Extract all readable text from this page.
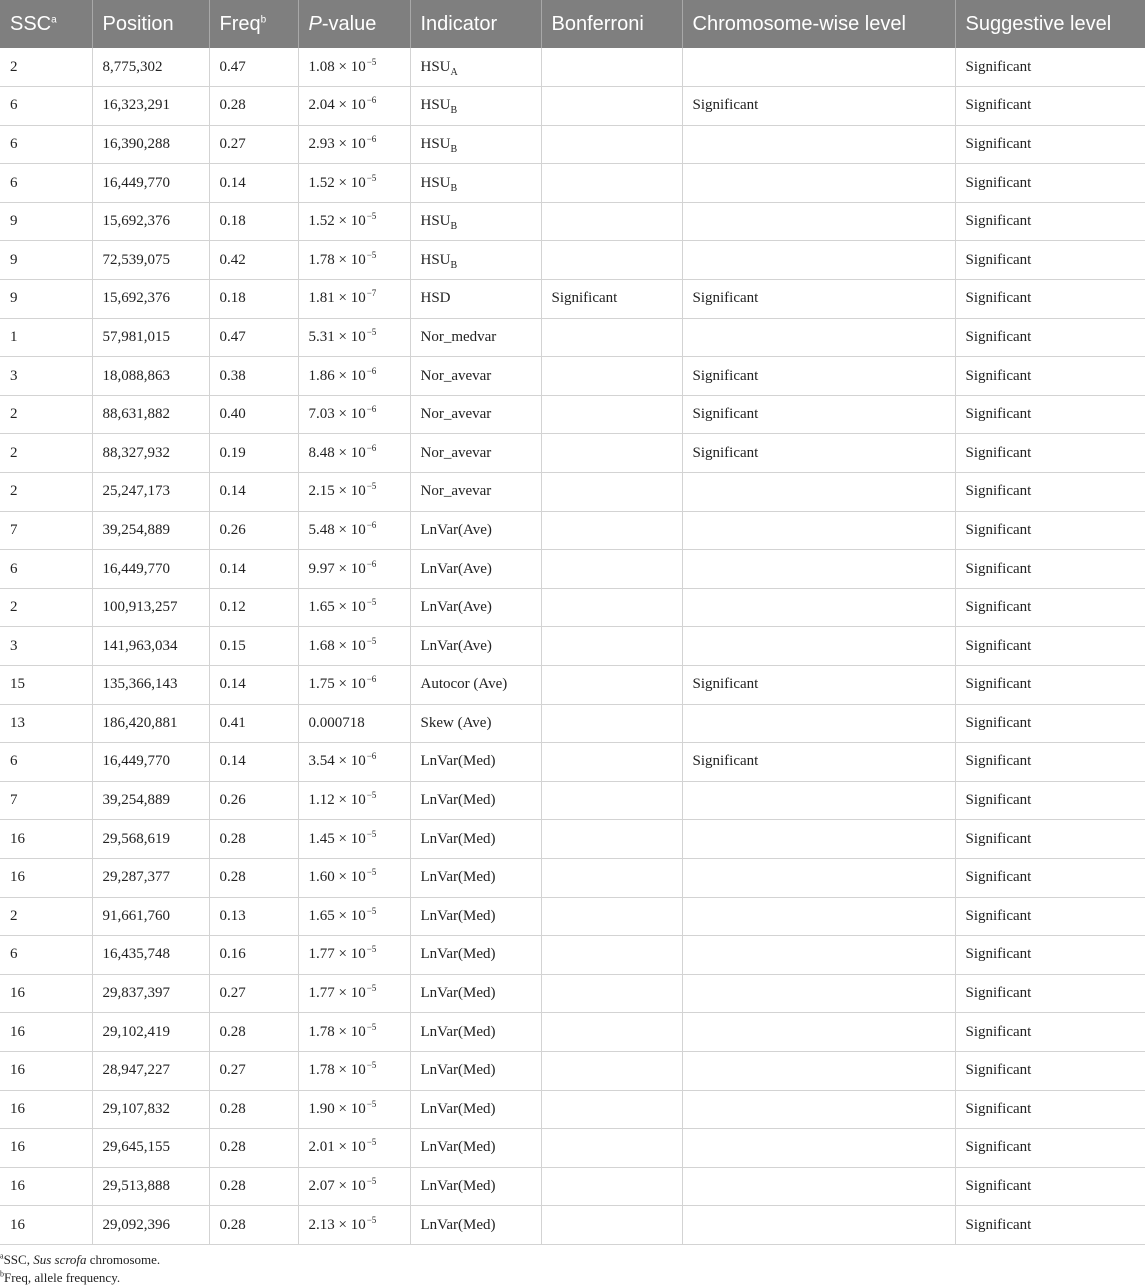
SSC$^a$	Position	Freq$^b$	P-value	Indicator	Bonferroni	Chromosome-wise level	Suggestive level
2	8,775,302	0.47	$1.08 \times 10^{-5}$	$HSU_A$			Significant
6	16,323,291	0.28	$2.04 \times 10^{-6}$	$HSU_B$		Significant	Significant
6	16,390,288	0.27	$2.93 \times 10^{-6}$	$HSU_B$			Significant
6	16,449,770	0.14	$1.52 \times 10^{-5}$	$HSU_B$			Significant
9	15,692,376	0.18	$1.52 \times 10^{-5}$	$HSU_B$			Significant
9	72,539,075	0.42	$1.78 \times 10^{-5}$	$HSU_B$			Significant
9	15,692,376	0.18	$1.81 \times 10^{-7}$	HSD	Significant	Significant	Significant
1	57,981,015	0.47	$5.31 \times 10^{-5}$	Nor_medvar			Significant
3	18,088,863	0.38	$1.86 \times 10^{-6}$	Nor_avevar		Significant	Significant
2	88,631,882	0.40	$7.03 \times 10^{-6}$	Nor_avevar		Significant	Significant
2	88,327,932	0.19	$8.48 \times 10^{-6}$	Nor_avevar		Significant	Significant
2	25,247,173	0.14	$2.15 \times 10^{-5}$	Nor_avevar			Significant
7	39,254,889	0.26	$5.48 \times 10^{-6}$	LnVar(Ave)			Significant
6	16,449,770	0.14	$9.97 \times 10^{-6}$	LnVar(Ave)			Significant
2	100,913,257	0.12	$1.65 \times 10^{-5}$	LnVar(Ave)			Significant
3	141,963,034	0.15	$1.68 \times 10^{-5}$	LnVar(Ave)			Significant
15	135,366,143	0.14	$1.75 \times 10^{-6}$	Autocor (Ave)		Significant	Significant
13	186,420,881	0.41	0.000718	Skew (Ave)			Significant
6	16,449,770	0.14	$3.54 \times 10^{-6}$	LnVar(Med)		Significant	Significant
7	39,254,889	0.26	$1.12 \times 10^{-5}$	LnVar(Med)			Significant
16	29,568,619	0.28	$1.45 \times 10^{-5}$	LnVar(Med)			Significant
16	29,287,377	0.28	$1.60 \times 10^{-5}$	LnVar(Med)			Significant
2	91,661,760	0.13	$1.65 \times 10^{-5}$	LnVar(Med)			Significant
6	16,435,748	0.16	$1.77 \times 10^{-5}$	LnVar(Med)			Significant
16	29,837,397	0.27	$1.77 \times 10^{-5}$	LnVar(Med)			Significant
16	29,102,419	0.28	$1.78 \times 10^{-5}$	LnVar(Med)			Significant
16	28,947,227	0.27	$1.78 \times 10^{-5}$	LnVar(Med)			Significant
16	29,107,832	0.28	$1.90 \times 10^{-5}$	LnVar(Med)			Significant
16	29,645,155	0.28	$2.01 \times 10^{-5}$	LnVar(Med)			Significant
16	29,513,888	0.28	$2.07 \times 10^{-5}$	LnVar(Med)			Significant
16	29,092,396	0.28	$2.13 \times 10^{-5}$	LnVar(Med)			Significant
$^a$SSC, Sus scrofa chromosome.
$^b$Freq, allele frequency.
